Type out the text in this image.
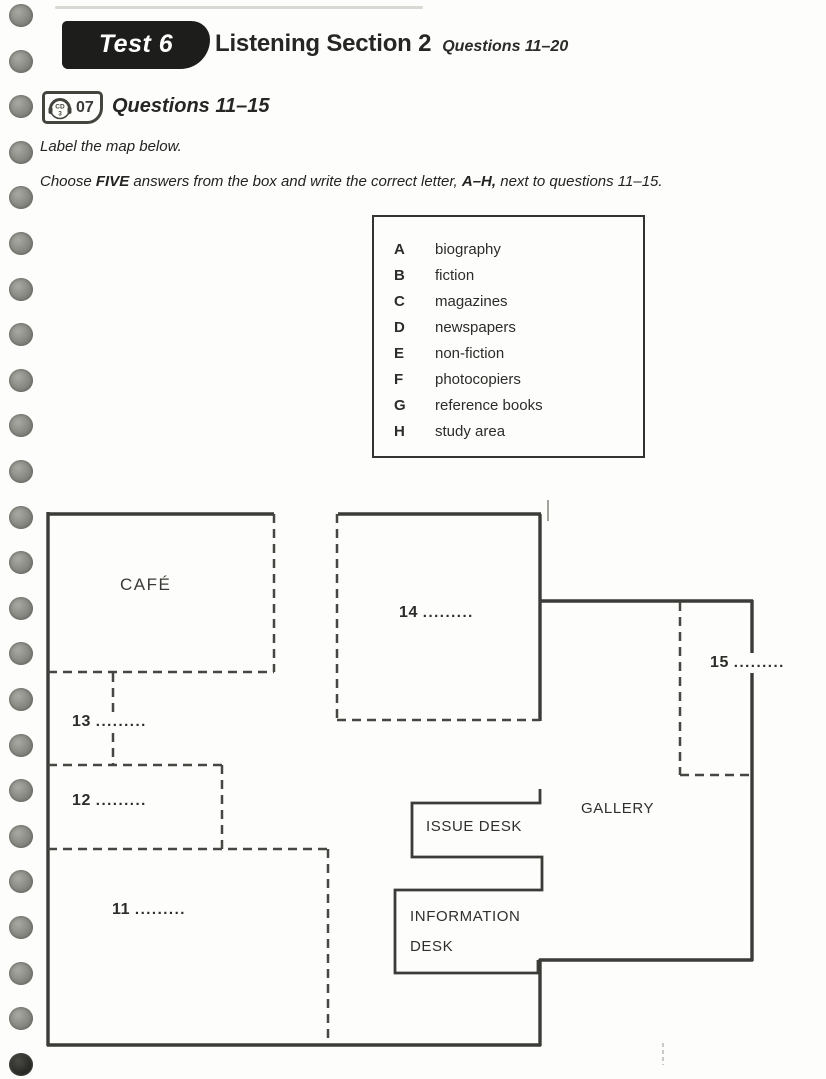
Test 6 Listening Section 2 Questions 11–20
CD
3 07 Questions 11–15
Label the map below.
Choose FIVE answers from the box and write the correct letter, A–H, next to questions 11–15.
A	biography
B	fiction
C	magazines
D	newspapers
E	non-fiction
F	photocopiers
G	reference books
H	study area
CAFÉ
GALLERY
ISSUE DESK
INFORMATION
DESK
11 .........
12 .........
13 .........
14 .........
15 .........
